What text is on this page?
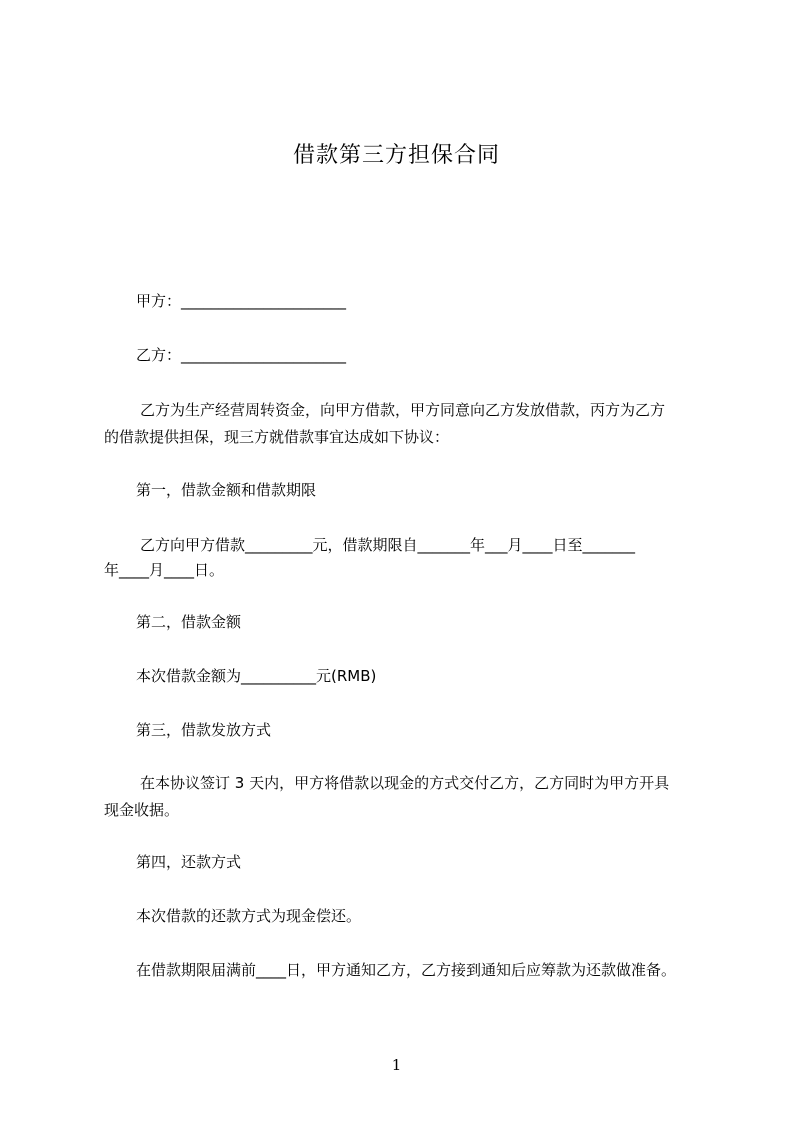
借款第三方担保合同
甲方：______________________
乙方：______________________
乙方为生产经营周转资金，向甲方借款，甲方同意向乙方发放借款，丙方为乙方
的借款提供担保，现三方就借款事宜达成如下协议：
第一，借款金额和借款期限
乙方向甲方借款_________元，借款期限自_______年___月____日至_______
年____月____日。
第二，借款金额
本次借款金额为__________元(RMB)
第三，借款发放方式
在本协议签订 3 天内，甲方将借款以现金的方式交付乙方，乙方同时为甲方开具
现金收据。
第四，还款方式
本次借款的还款方式为现金偿还。
在借款期限届满前____日，甲方通知乙方，乙方接到通知后应筹款为还款做准备。
1
